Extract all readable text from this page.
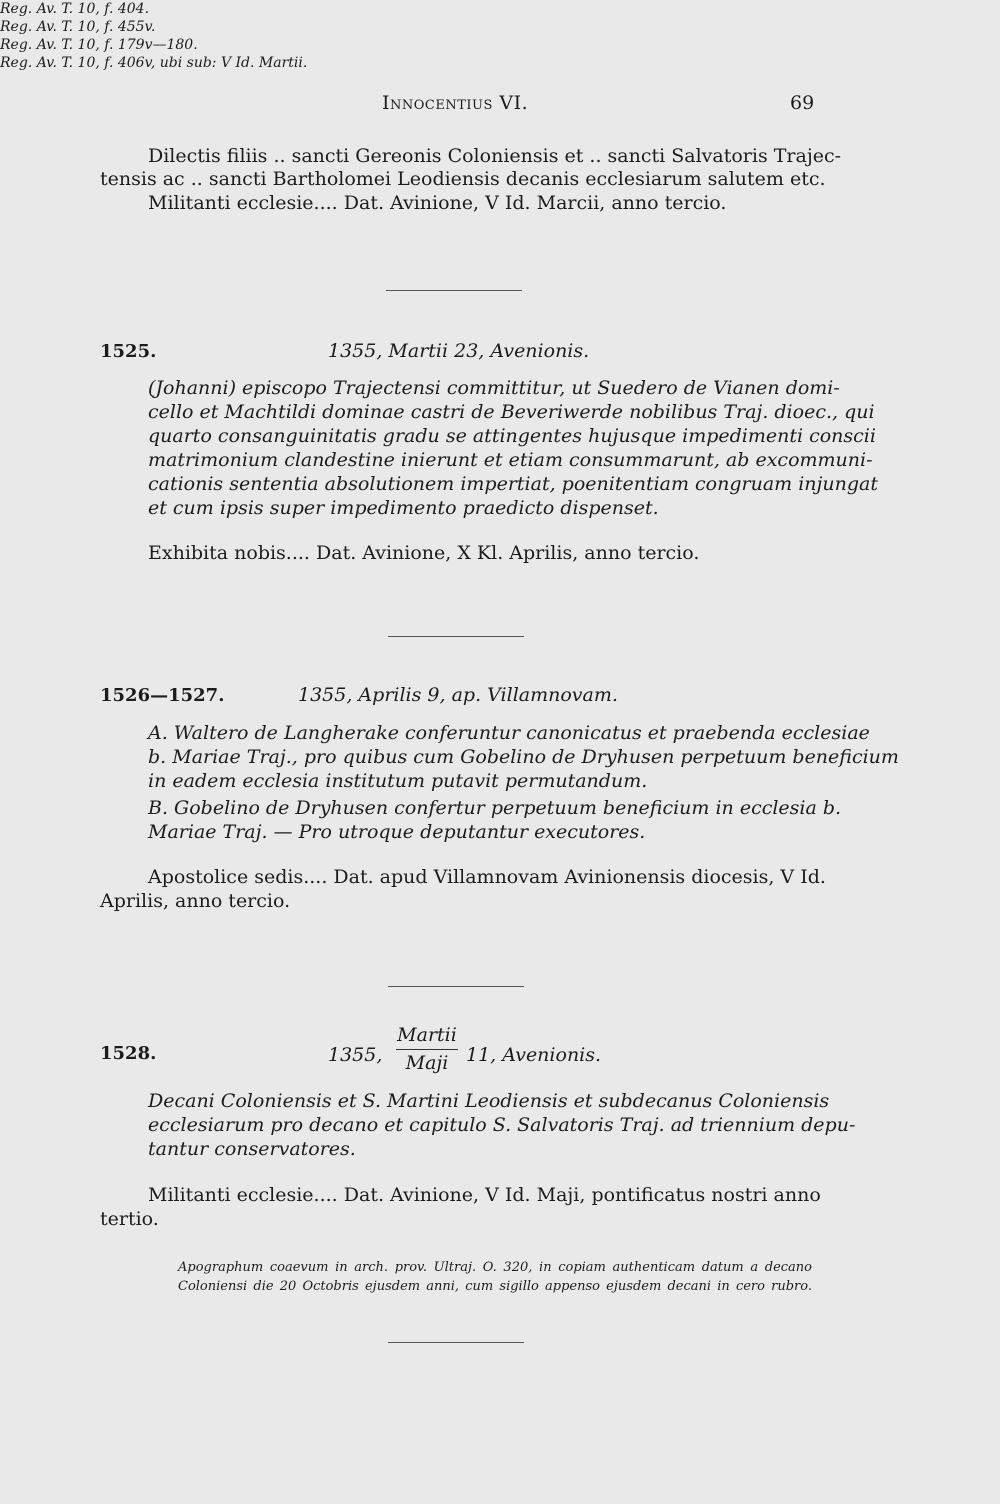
Innocentius VI.	69
Dilectis filiis .. sancti Gereonis Coloniensis et .. sancti Salvatoris Trajec-
tensis ac .. sancti Bartholomei Leodiensis decanis ecclesiarum salutem etc.
Militanti ecclesie.... Dat. Avinione, V Id. Marcii, anno tercio.
Reg. Av. T. 10, f. 404.
1525.	1355, Martii 23, Avenionis.
(Johanni) episcopo Trajectensi committitur, ut Suedero de Vianen domi-
cello et Machtildi dominae castri de Beveriwerde nobilibus Traj. dioec., qui
quarto consanguinitatis gradu se attingentes hujusque impedimenti conscii
matrimonium clandestine inierunt et etiam consummarunt, ab excommuni-
cationis sententia absolutionem impertiat, poenitentiam congruam injungat
et cum ipsis super impedimento praedicto dispenset.
Exhibita nobis.... Dat. Avinione, X Kl. Aprilis, anno tercio.
Reg. Av. T. 10, f. 455v.
1526—1527.	1355, Aprilis 9, ap. Villamnovam.
A. Waltero de Langherake conferuntur canonicatus et praebenda ecclesiae
b. Mariae Traj., pro quibus cum Gobelino de Dryhusen perpetuum beneficium
in eadem ecclesia institutum putavit permutandum.
B. Gobelino de Dryhusen confertur perpetuum beneficium in ecclesia b.
Mariae Traj. — Pro utroque deputantur executores.
Apostolice sedis.... Dat. apud Villamnovam Avinionensis diocesis, V Id.
Aprilis, anno tercio.
Reg. Av. T. 10, f. 179v—180.
1528.	1355,
Martii
Maji 11, Avenionis.
Decani Coloniensis et S. Martini Leodiensis et subdecanus Coloniensis
ecclesiarum pro decano et capitulo S. Salvatoris Traj. ad triennium depu-
tantur conservatores.
Militanti ecclesie.... Dat. Avinione, V Id. Maji, pontificatus nostri anno
tertio.
Reg. Av. T. 10, f. 406v, ubi sub: V Id. Martii.
Apographum coaevum in arch. prov. Ultraj. O. 320, in copiam authenticam datum a decano
Coloniensi die 20 Octobris ejusdem anni, cum sigillo appenso ejusdem decani in cero rubro.
